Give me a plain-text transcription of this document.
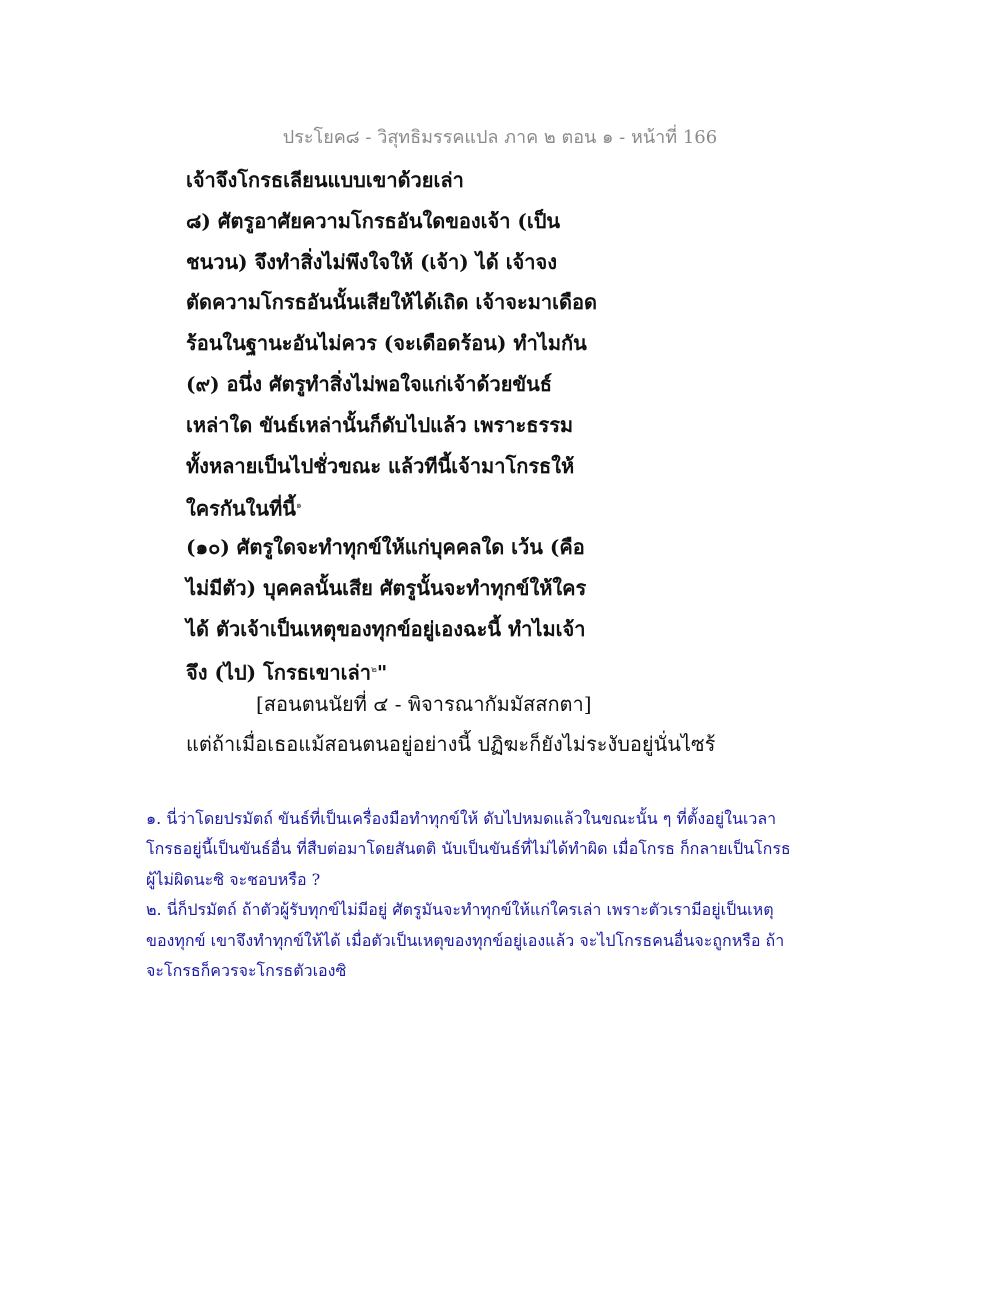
ประโยค๘ - วิสุทธิมรรคแปล ภาค ๒ ตอน ๑ - หน้าที่ 166
เจ้าจึงโกรธเลียนแบบเขาด้วยเล่า
๘) ศัตรูอาศัยความโกรธอันใดของเจ้า (เป็น
ชนวน) จึงทำสิ่งไม่พึงใจให้ (เจ้า) ได้ เจ้าจง
ตัดความโกรธอันนั้นเสียให้ได้เถิด เจ้าจะมาเดือด
ร้อนในฐานะอันไม่ควร (จะเดือดร้อน) ทำไมกัน
(๙) อนึ่ง ศัตรูทำสิ่งไม่พอใจแก่เจ้าด้วยขันธ์
เหล่าใด ขันธ์เหล่านั้นก็ดับไปแล้ว เพราะธรรม
ทั้งหลายเป็นไปชั่วขณะ แล้วทีนี้เจ้ามาโกรธให้
ใครกันในที่นี้$^๑$
(๑๐) ศัตรูใดจะทำทุกข์ให้แก่บุคคลใด เว้น (คือ
ไม่มีตัว) บุคคลนั้นเสีย ศัตรูนั้นจะทำทุกข์ให้ใคร
ได้ ตัวเจ้าเป็นเหตุของทุกข์อยู่เองฉะนี้ ทำไมเจ้า
จึง (ไป) โกรธเขาเล่า$^๒$"
[สอนตนนัยที่ ๔ - พิจารณากัมมัสสกตา]
แต่ถ้าเมื่อเธอแม้สอนตนอยู่อย่างนี้ ปฏิฆะก็ยังไม่ระงับอยู่นั่นไซร้
๑. นี่ว่าโดยปรมัตถ์ ขันธ์ที่เป็นเครื่องมือทำทุกข์ให้ ดับไปหมดแล้วในขณะนั้น ๆ ที่ตั้งอยู่ในเวลา
โกรธอยู่นี้เป็นขันธ์อื่น ที่สืบต่อมาโดยสันตติ นับเป็นขันธ์ที่ไม่ได้ทำผิด เมื่อโกรธ ก็กลายเป็นโกรธ
ผู้ไม่ผิดนะซิ จะชอบหรือ ?
๒. นี่ก็ปรมัตถ์ ถ้าตัวผู้รับทุกข์ไม่มีอยู่ ศัตรูมันจะทำทุกข์ให้แก่ใครเล่า เพราะตัวเรามีอยู่เป็นเหตุ
ของทุกข์ เขาจึงทำทุกข์ให้ได้ เมื่อตัวเป็นเหตุของทุกข์อยู่เองแล้ว จะไปโกรธคนอื่นจะถูกหรือ ถ้า
จะโกรธก็ควรจะโกรธตัวเองซิ
